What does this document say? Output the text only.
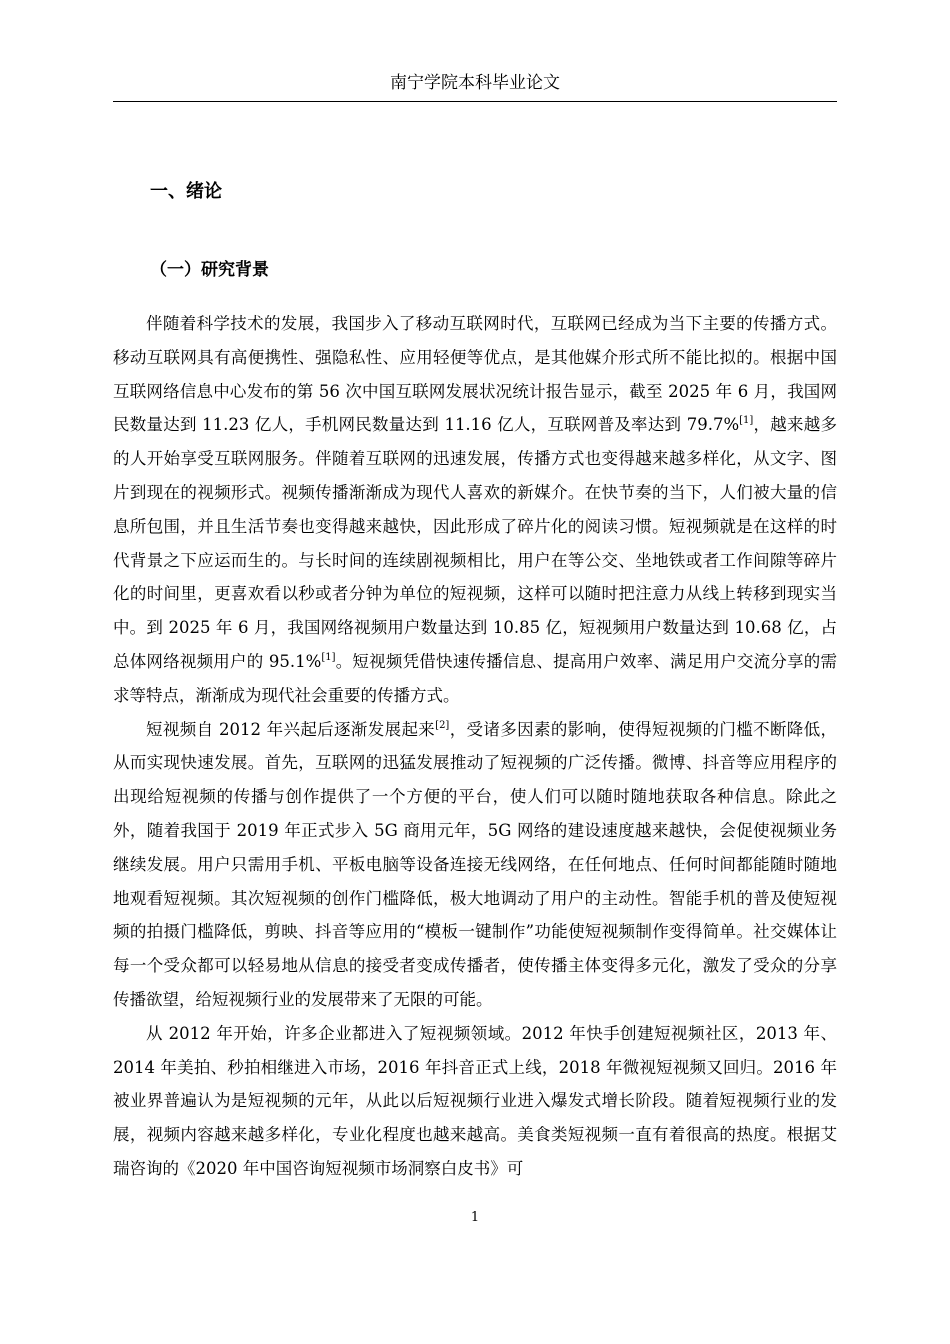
南宁学院本科毕业论文
一、绪论
（一）研究背景

伴随着科学技术的发展，我国步入了移动互联网时代，互联网已经成为当下主要的传播方式。移动互联网具有高便携性、强隐私性、应用轻便等优点，是其他媒介形式所不能比拟的。根据中国互联网络信息中心发布的第 56 次中国互联网发展状况统计报告显示，截至 2025 年 6 月，我国网民数量达到 11.23 亿人，手机网民数量达到 11.16 亿人，互联网普及率达到 79.7%[1]，越来越多的人开始享受互联网服务。伴随着互联网的迅速发展，传播方式也变得越来越多样化，从文字、图片到现在的视频形式。视频传播渐渐成为现代人喜欢的新媒介。在快节奏的当下，人们被大量的信息所包围，并且生活节奏也变得越来越快，因此形成了碎片化的阅读习惯。短视频就是在这样的时代背景之下应运而生的。与长时间的连续剧视频相比，用户在等公交、坐地铁或者工作间隙等碎片化的时间里，更喜欢看以秒或者分钟为单位的短视频，这样可以随时把注意力从线上转移到现实当中。到 2025 年 6 月，我国网络视频用户数量达到 10.85 亿，短视频用户数量达到 10.68 亿，占总体网络视频用户的 95.1%[1]。短视频凭借快速传播信息、提高用户效率、满足用户交流分享的需求等特点，渐渐成为现代社会重要的传播方式。

短视频自 2012 年兴起后逐渐发展起来[2]，受诸多因素的影响，使得短视频的门槛不断降低，从而实现快速发展。首先，互联网的迅猛发展推动了短视频的广泛传播。微博、抖音等应用程序的出现给短视频的传播与创作提供了一个方便的平台，使人们可以随时随地获取各种信息。除此之外，随着我国于 2019 年正式步入 5G 商用元年，5G 网络的建设速度越来越快，会促使视频业务继续发展。用户只需用手机、平板电脑等设备连接无线网络，在任何地点、任何时间都能随时随地地观看短视频。其次短视频的创作门槛降低，极大地调动了用户的主动性。智能手机的普及使短视频的拍摄门槛降低，剪映、抖音等应用的“模板一键制作”功能使短视频制作变得简单。社交媒体让每一个受众都可以轻易地从信息的接受者变成传播者，使传播主体变得多元化，激发了受众的分享传播欲望，给短视频行业的发展带来了无限的可能。

从 2012 年开始，许多企业都进入了短视频领域。2012 年快手创建短视频社区，2013 年、2014 年美拍、秒拍相继进入市场，2016 年抖音正式上线，2018 年微视短视频又回归。2016 年被业界普遍认为是短视频的元年，从此以后短视频行业进入爆发式增长阶段。随着短视频行业的发展，视频内容越来越多样化，专业化程度也越来越高。美食类短视频一直有着很高的热度。根据艾瑞咨询的《2020 年中国咨询短视频市场洞察白皮书》可

1
